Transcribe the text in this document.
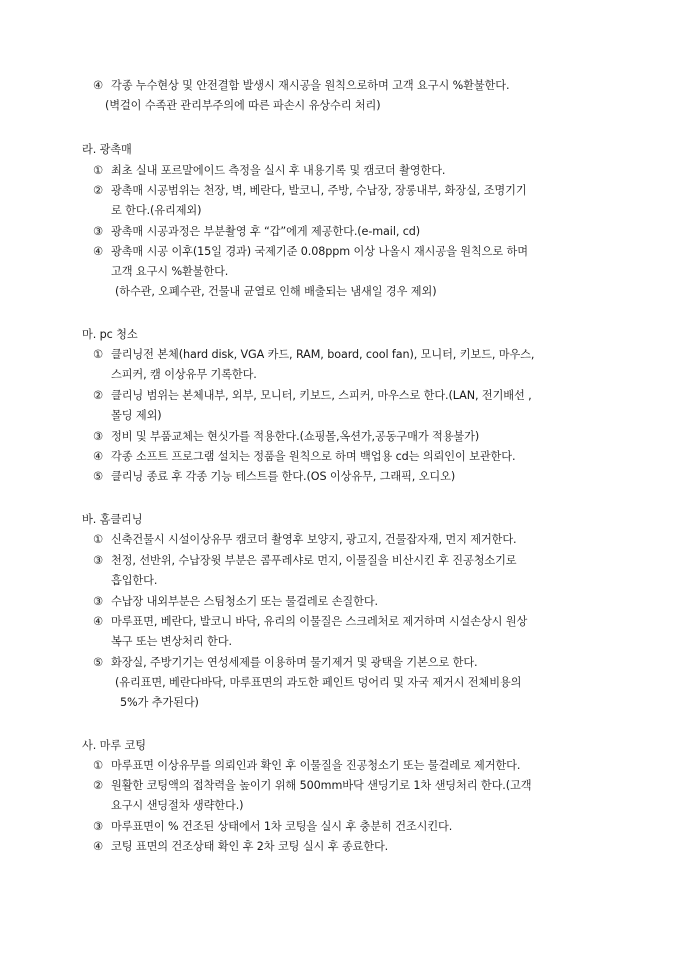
④ 각종 누수현상 및 안전결함 발생시 재시공을 원칙으로하며 고객 요구시 %환불한다.
(벽걸이 수족관 관리부주의에 따른 파손시 유상수리 처리)
라. 광촉매
① 최초 실내 포르말에이드 측정을 실시 후 내용기록 및 캠코더 촬영한다.
② 광촉매 시공범위는 천장, 벽, 베란다, 발코니, 주방, 수납장, 장롱내부, 화장실, 조명기기
로 한다.(유리제외)
③ 광촉매 시공과정은 부분촬영 후 “갑”에게 제공한다.(e-mail, cd)
④ 광촉매 시공 이후(15일 경과) 국제기준 0.08ppm 이상 나올시 재시공을 원칙으로 하며
고객 요구시 %환불한다.
(하수관, 오폐수관, 건물내 균열로 인해 배출되는 냄새일 경우 제외)
마. pc 청소
① 클리닝전 본체(hard disk, VGA 카드, RAM, board, cool fan), 모니터, 키보드, 마우스,
스피커, 캠 이상유무 기록한다.
② 클리닝 범위는 본체내부, 외부, 모니터, 키보드, 스피커, 마우스로 한다.(LAN, 전기배선 ,
몰딩 제외)
③ 정비 및 부품교체는 현싯가를 적용한다.(쇼핑몰,옥션가,공동구매가 적용불가)
④ 각종 소프트 프로그램 설치는 정품을 원칙으로 하며 백업용 cd는 의뢰인이 보관한다.
⑤ 클리닝 종료 후 각종 기능 테스트를 한다.(OS 이상유무, 그래픽, 오디오)
바. 홈클리닝
① 신축건물시 시설이상유무 캠코더 촬영후 보양지, 광고지, 건물잡자재, 먼지 제거한다.
③ 천정, 선반위, 수납장윗 부분은 콤푸레샤로 먼지, 이물질을 비산시킨 후 진공청소기로
흡입한다.
③ 수납장 내외부분은 스팀청소기 또는 물걸레로 손질한다.
④ 마루표면, 베란다, 발코니 바닥, 유리의 이물질은 스크레처로 제거하며 시설손상시 원상
복구 또는 변상처리 한다.
⑤ 화장실, 주방기기는 연성세제를 이용하며 물기제거 및 광택을 기본으로 한다.
(유리표면, 베란다바닥, 마루표면의 과도한 페인트 덩어리 및 자국 제거시 전체비용의
5%가 추가된다)
사. 마루 코팅
① 마루표면 이상유무를 의뢰인과 확인 후 이물질을 진공청소기 또는 물걸레로 제거한다.
② 원활한 코팅액의 접착력을 높이기 위해 500mm바닥 샌딩기로 1차 샌딩처리 한다.(고객
요구시 샌딩절차 생략한다.)
③ 마루표면이 % 건조된 상태에서 1차 코팅을 실시 후 충분히 건조시킨다.
④ 코팅 표면의 건조상태 확인 후 2차 코팅 실시 후 종료한다.
